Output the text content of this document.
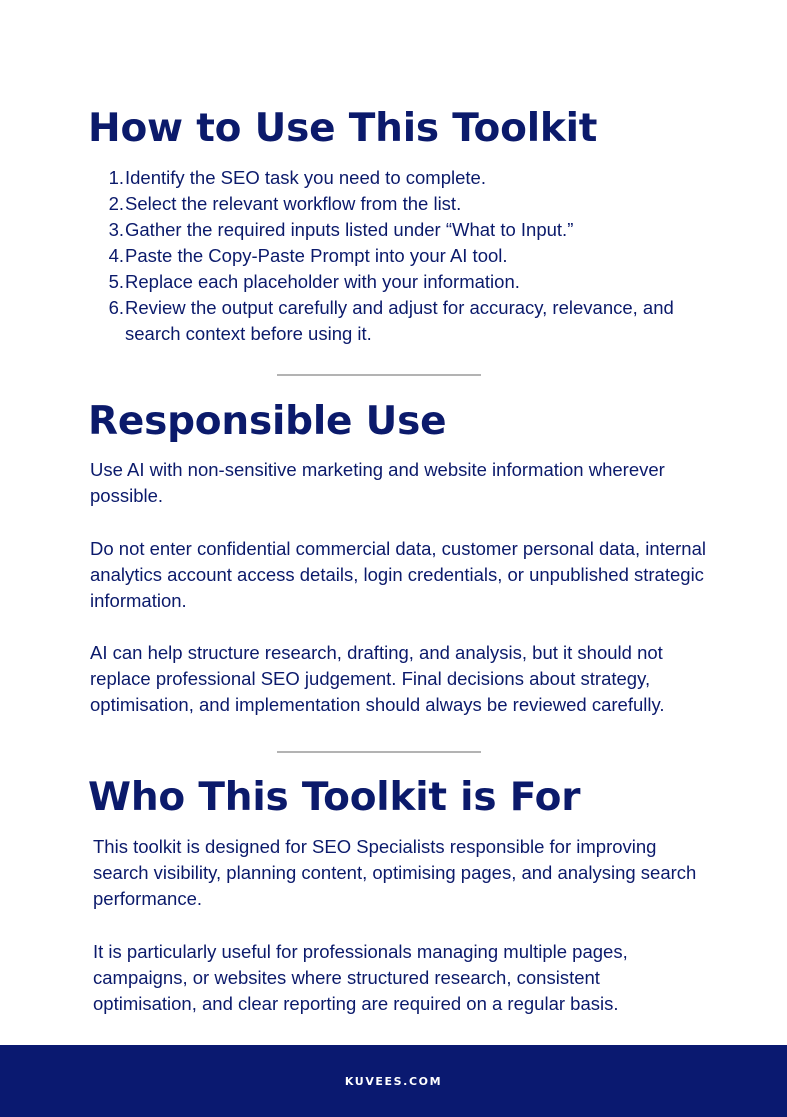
How to Use This Toolkit
1. Identify the SEO task you need to complete.
2. Select the relevant workflow from the list.
3. Gather the required inputs listed under “What to Input.”
4. Paste the Copy-Paste Prompt into your AI tool.
5. Replace each placeholder with your information.
6. Review the output carefully and adjust for accuracy, relevance, and search context before using it.
Responsible Use

Use AI with non-sensitive marketing and website information wherever possible.

Do not enter confidential commercial data, customer personal data, internal analytics account access details, login credentials, or unpublished strategic information.

AI can help structure research, drafting, and analysis, but it should not replace professional SEO judgement. Final decisions about strategy, optimisation, and implementation should always be reviewed carefully.

Who This Toolkit is For

This toolkit is designed for SEO Specialists responsible for improving search visibility, planning content, optimising pages, and analysing search performance.

It is particularly useful for professionals managing multiple pages, campaigns, or websites where structured research, consistent optimisation, and clear reporting are required on a regular basis.

KUVEES.COM
